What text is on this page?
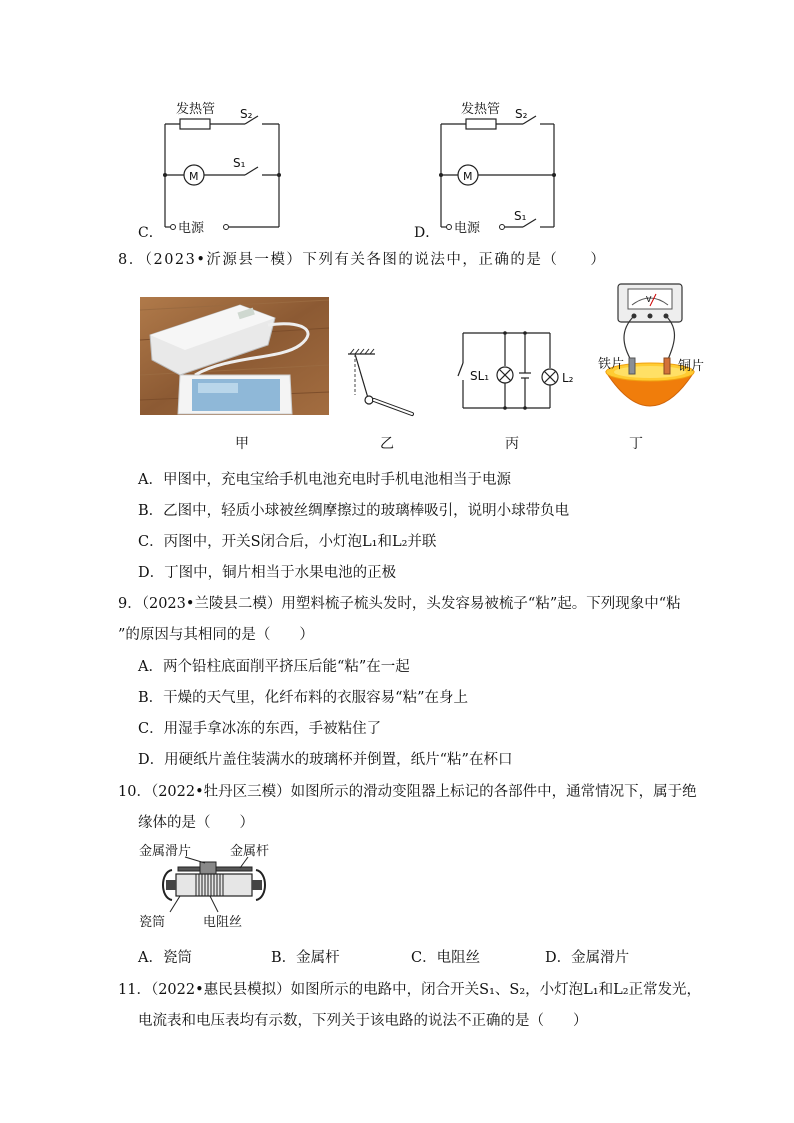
发热管 S₂
S₁
M
电源
C．
发热管 S₂
S₁
M
电源
D．
8．（2023•沂源县一模）下列有关各图的说法中，正确的是（　　）
SL₁	L₂
V
铁片	铜片
甲	乙	丙	丁
A．甲图中，充电宝给手机电池充电时手机电池相当于电源
B．乙图中，轻质小球被丝绸摩擦过的玻璃棒吸引，说明小球带负电
C．丙图中，开关S闭合后，小灯泡L₁和L₂并联
D．丁图中，铜片相当于水果电池的正极
9．（2023•兰陵县二模）用塑料梳子梳头发时，头发容易被梳子“粘”起。下列现象中“粘
”的原因与其相同的是（　　）
A．两个铅柱底面削平挤压后能“粘”在一起
B．干燥的天气里，化纤布料的衣服容易“粘”在身上
C．用湿手拿冰冻的东西，手被粘住了
D．用硬纸片盖住装满水的玻璃杯并倒置，纸片“粘”在杯口
10．（2022•牡丹区三模）如图所示的滑动变阻器上标记的各部件中，通常情况下，属于绝
缘体的是（　　）
金属滑片	金属杆
瓷筒	电阻丝
A．瓷筒	B．金属杆	C．电阻丝	D．金属滑片
11．（2022•惠民县模拟）如图所示的电路中，闭合开关S₁、S₂，小灯泡L₁和L₂正常发光，
电流表和电压表均有示数，下列关于该电路的说法不正确的是（　　）
